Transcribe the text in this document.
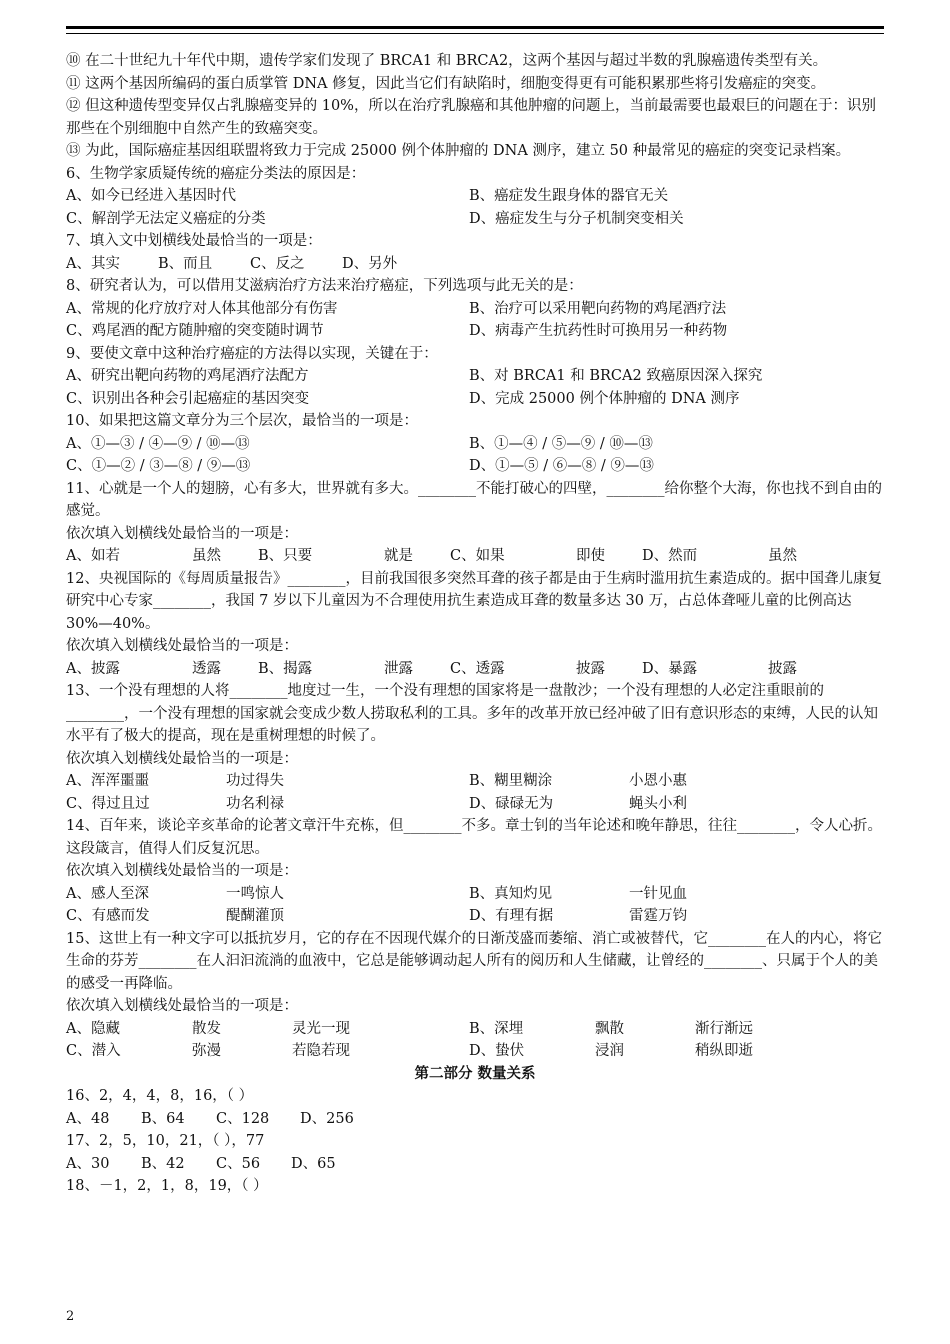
⑩ 在二十世纪九十年代中期，遗传学家们发现了 BRCA1 和 BRCA2，这两个基因与超过半数的乳腺癌遗传类型有关。

⑪ 这两个基因所编码的蛋白质掌管 DNA 修复，因此当它们有缺陷时，细胞变得更有可能积累那些将引发癌症的突变。

⑫ 但这种遗传型变异仅占乳腺癌变异的 10%，所以在治疗乳腺癌和其他肿瘤的问题上，当前最需要也最艰巨的问题在于：识别那些在个别细胞中自然产生的致癌突变。

⑬ 为此，国际癌症基因组联盟将致力于完成 25000 例个体肿瘤的 DNA 测序，建立 50 种最常见的癌症的突变记录档案。

6、生物学家质疑传统的癌症分类法的原因是：

A、如今已经进入基因时代	B、癌症发生跟身体的器官无关
C、解剖学无法定义癌症的分类	D、癌症发生与分子机制突变相关

7、填入文中划横线处最恰当的一项是：

A、其实	B、而且	C、反之	D、另外

8、研究者认为，可以借用艾滋病治疗方法来治疗癌症，下列选项与此无关的是：

A、常规的化疗放疗对人体其他部分有伤害	B、治疗可以采用靶向药物的鸡尾酒疗法
C、鸡尾酒的配方随肿瘤的突变随时调节	D、病毒产生抗药性时可换用另一种药物

9、要使文章中这种治疗癌症的方法得以实现，关键在于：

A、研究出靶向药物的鸡尾酒疗法配方	B、对 BRCA1 和 BRCA2 致癌原因深入探究
C、识别出各种会引起癌症的基因突变	D、完成 25000 例个体肿瘤的 DNA 测序

10、如果把这篇文章分为三个层次，最恰当的一项是：

A、①—③ / ④—⑨ / ⑩—⑬	B、①—④ / ⑤—⑨ / ⑩—⑬
C、①—② / ③—⑧ / ⑨—⑬	D、①—⑤ / ⑥—⑧ / ⑨—⑬

11、心就是一个人的翅膀，心有多大，世界就有多大。________不能打破心的四壁，________给你整个大海，你也找不到自由的感觉。

依次填入划横线处最恰当的一项是：

A、如若	虽然	B、只要	就是	C、如果	即使	D、然而	虽然

12、央视国际的《每周质量报告》________，目前我国很多突然耳聋的孩子都是由于生病时滥用抗生素造成的。据中国聋儿康复研究中心专家________，我国 7 岁以下儿童因为不合理使用抗生素造成耳聋的数量多达 30 万，占总体聋哑儿童的比例高达 30%—40%。

依次填入划横线处最恰当的一项是：

A、披露	透露	B、揭露	泄露	C、透露	披露	D、暴露	披露

13、一个没有理想的人将________地度过一生，一个没有理想的国家将是一盘散沙；一个没有理想的人必定注重眼前的________，一个没有理想的国家就会变成少数人捞取私利的工具。多年的改革开放已经冲破了旧有意识形态的束缚，人民的认知水平有了极大的提高，现在是重树理想的时候了。

依次填入划横线处最恰当的一项是：

A、浑浑噩噩	功过得失	B、糊里糊涂	小恩小惠
C、得过且过	功名利禄	D、碌碌无为	蝇头小利

14、百年来，谈论辛亥革命的论著文章汗牛充栋，但________不多。章士钊的当年论述和晚年静思，往往________，令人心折。这段箴言，值得人们反复沉思。

依次填入划横线处最恰当的一项是：

A、感人至深	一鸣惊人	B、真知灼见	一针见血
C、有感而发	醍醐灌顶	D、有理有据	雷霆万钧

15、这世上有一种文字可以抵抗岁月，它的存在不因现代媒介的日渐茂盛而萎缩、消亡或被替代，它________在人的内心，将它生命的芬芳________在人汩汩流淌的血液中，它总是能够调动起人所有的阅历和人生储藏，让曾经的________、只属于个人的美的感受一再降临。

依次填入划横线处最恰当的一项是：

A、隐藏	散发	灵光一现	B、深埋	飘散	渐行渐远
C、潜入	弥漫	若隐若现	D、蛰伏	浸润	稍纵即逝

第二部分 数量关系

16、2，4，4，8，16，（ ）

A、48	B、64	C、128	D、256

17、2，5，10，21，（ ），77

A、30	B、42	C、56	D、65

18、－1，2，1，8，19，（ ）

2
